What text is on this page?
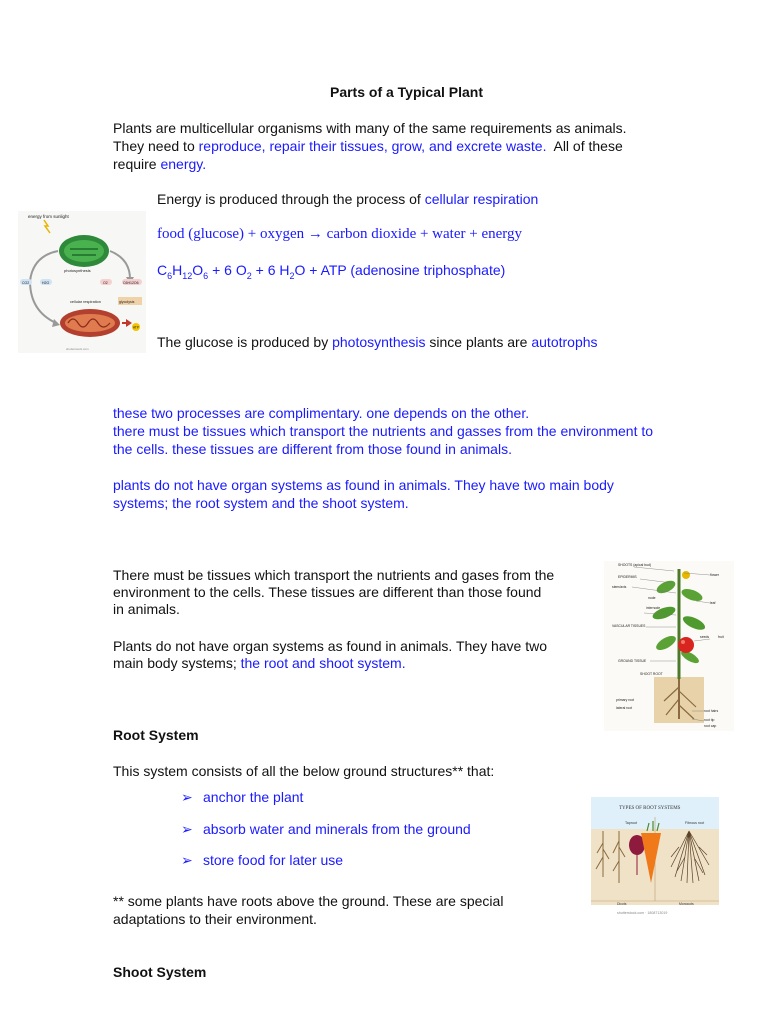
Parts of a Typical Plant
Plants are multicellular organisms with many of the same requirements as animals.
They need to reproduce, repair their tissues, grow, and excrete waste. All of these
require energy.
energy from sunlight
photosynthesis
CO2	H2O	O2	C6H12O6
cellular respiration	glycolysis
ATP
shutterstock.com
Energy is produced through the process of cellular respiration
food (glucose) + oxygen → carbon dioxide + water + energy
$C_6H_{12}O_6 + 6$ $O_2 + 6$ $H_2O$ + ATP (adenosine triphosphate)
The glucose is produced by photosynthesis since plants are autotrophs
these two processes are complimentary. one depends on the other.
there must be tissues which transport the nutrients and gasses from the environment to
the cells. these tissues are different from those found in animals.
plants do not have organ systems as found in animals. They have two main body
systems; the root system and the shoot system.
There must be tissues which transport the nutrients and gases from the
environment to the cells. These tissues are different than those found
in animals.
Plants do not have organ systems as found in animals. They have two
main body systems; the root and shoot system.
SHOOTS (apical bud)
EPIDERMIS
stem/axis
node
internode
VASCULAR TISSUES
GROUND TISSUE
SHOOT ROOT
primary root
lateral root
flower
leaf
seeds	fruit
root hairs
root tip
root cap
Root System
This system consists of all the below ground structures** that:
➢ anchor the plant
➢ absorb water and minerals from the ground
➢ store food for later use
** some plants have roots above the ground. These are special
adaptations to their environment.
TYPES OF ROOT SYSTEMS
Taproot	Fibrous root
Dicots	Monocots
shutterstock.com · 1808713019
Shoot System
